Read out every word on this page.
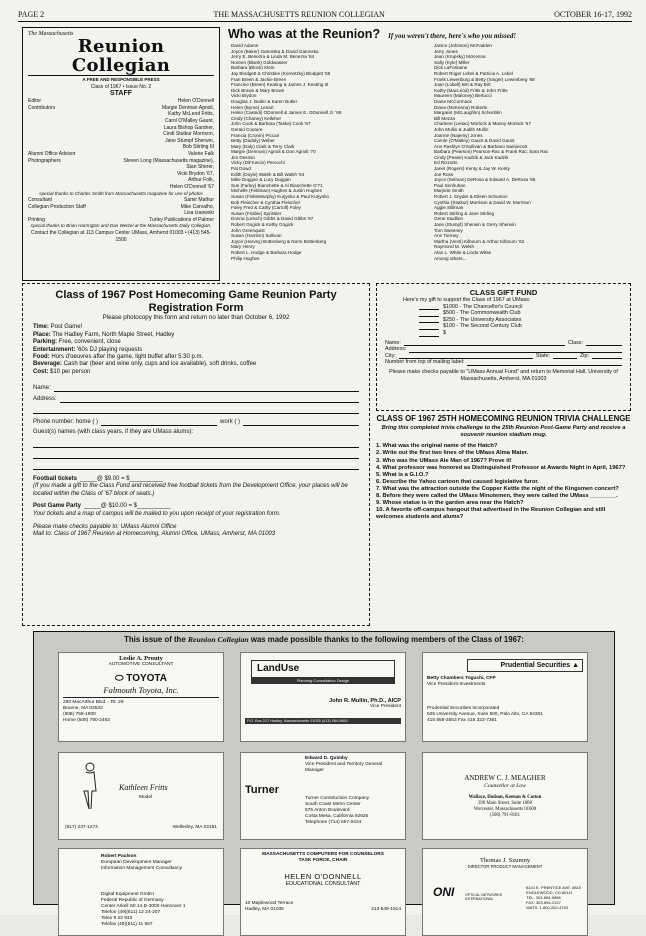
PAGE 2	THE MASSACHUSETTS REUNION COLLEGIAN	OCTOBER 16-17, 1992
The Massachusetts
Reunion Collegian
A FREE AND RESPONSIBLE PRESS
Class of 1967 • Issue No. 2
STAFF
Editor	Helen O'Donnell
Contributors	Margie Denman Agnoli,
Kathy McLeod Fritts,
Carol O'Malley Gaunt,
Laura Bishop Gardner,
Cindi Stutkur Morrison,
Jane Stumpf Sherwin,
Bob Stirling III
Alumni Office Advisor	Valerie Falk
Photographers	Steven Long (Massachusetts magazine),
Stan Sherer,
Vicki Brydon '67,
Arthur Folk,
Helen O'Donnell '67
special thanks to Charles Smith from Massachusetts magazine for use of photos
Consultant	Samir Mathur
Collegian Production Staff	Mike Carvalho,
Lisa Izaowski
Printing	Turley Publications of Palmer
special thanks to Brian Harrington and Dan Wetzel at the Massachusetts Daily Collegian.
Contact the Collegian at 113 Campus Center UMass, Amherst 01003 • (413) 545-1500
Who was at the Reunion? If you weren't there, here's who you missed!
David Adams
Joyce (Baker) Gatonska & David Gatonska
Jerry E. Benezra & Linda M. Benezra '64
Noreen (Blank) Goldwasser
Barbara (Block) Klein
Jay Blodgett & Christine (Kornetzky) Blodgett '69
Fran Breen & Jackie Breen
Francine (Breen) Keating & James J. Keating III
Dick Brown & Mary Brown
Vicki Brydon
Douglas J. Butler & Karen Butler
Helen (Byrne) Lenart
Helen (Cassidi) ODonnell & James E. ODonnell Jr. '66
Cindy (Chaney) Kelleher
John Cook & Barbara (Taska) Cook '67
Gerald Couture
Francia (Cronin) Piccari
Betty (Dadoly) Weber
Mary (Daly) Clark & Terry Clark
Margie (Denman) Agnoli & Don Agnoli '70
Jim Desmin
Vicky (DiFruscio) Perocchi
Pat Dowd
Edith (Doyle) Walsh & Bill Walsh '64
Mike Duggan & Lucy Duggan
Sue (Farley) Bianchette & Al Bianchette G'71
Michelle (Feldman) Hughes & Justin Hughes
Susan (FinkleMurphy) Kurjynko & Paul Kurjynko
Bob Fleischer & Cynthia Fleischer
Foley Fred & Cathy (Carroll) Foley
Susan (Frisbie) Sprissler
Donna (Leisch) Gibbs & David Gibbs '67
Robert Gogick & Kathy Gogick
John Greenquist
Susan (Hamlon) Sullivan
Joyce (Harvey) Bottenberg & Norm Bottenberg
Mary Henry
Robert L. Hodge & Barbara Hodge
Philip Hughes
Janice (Johnson) McFadden
Jerry Jones
Jean (Krupsky) McKenna
Sally (Kyle) Miller
Dick LaFontaine
Robert Roger Lebel & Patricia A. Lebel
Frank Lewenburg & Betty (Singer) Lewenberg '68
Joan (Lobell) Birt & Ray Birt
Kathy (MacLeod) Fritts & John Fritts
Maureen (Maloney) Bertucci
Diane McCormack
Diane (McKenna) Roberts
Margaret (McLaughlin) Schenblin
Bill Mezza
Charlene (Leitao) Morlock & Manny Morlock '67
John Mullin & Judith Mullin
Joanne (Najemy) Jones
Carole (O'Malley) Gaunt & David Gaunt
Ann Rashlyn O'Sullivan & Barbano Swiniecott
Barbara (Pearson) Pearson-Rac & Frank Rac; Sara Rac
Cindy (Pease) Kadzik & Jack Kadzik
Ed Rizzotto
Janet (Rogers) Kenty & Jay W. Kenty
Joe Ross
Joyce (Selman) DeRosa & Edward A. DeRosa '65
Paul Senhuhan
Marjorie Smith
Robert J. Snyder & Eileen Schumon
Cynthia (Stutkur) Morrison & David W. Morrison
Aggie Stillman
Robert Stirling & Jane Stirling
Gene Studlien
Jane (Stumpf) Sherwin & Gerry Sherwin
Tom Sweeney
Ann Tierney
Martha (Venti) Kilbourn & Arthur Kilbourn '62
Raymond M. Welsh
Alan L. White & Linda White
Among others...
Class of 1967 Post Homecoming Game Reunion Party Registration Form
Please photocopy this form and return no later than October 6, 1992
Time: Post Game!
Place: The Hadley Farm, North Maple Street, Hadley
Parking: Free, convenient, close
Entertainment: '60s DJ playing requests
Food: Hors d'oeuvres after the game, light buffet after 5:30 p.m.
Beverage: Cash bar (beer and wine only, cups and ice available), soft drinks, coffee
Cost: $10 per person
Name:
Address:
Phone number: home ( )	work ( )
Guest(s) names (with class years, if they are UMass alums):
Football tickets _____@ $9.00 = $__________
(If you made a gift to the Class Fund and received free football tickets from the Development Office, your places will be located within the Class of '67 block of seats.)
Post Game Party _____@ $10.00 = $__________
Your tickets and a map of campus will be mailed to you upon receipt of your registration form.
Please make checks payable to: UMass Alumni Office
Mail to: Class of 1967 Reunion at Homecoming, Alumni Office, UMass, Amherst, MA 01003
CLASS GIFT FUND
Here's my gift to support the Class of 1967 at UMass:
$1000 - The Chancellor's Council
$500 - The Commonwealth Club
$250 - The University Associates
$100 - The Second Century Club
$
Name:	Class:
Address:
City:	State:	Zip:
Number from top of mailing label:
Please make checks payable to "UMass Annual Fund" and return to Memorial Hall, University of Massachusetts, Amherst, MA 01003
CLASS OF 1967 25TH HOMECOMING REUNION TRIVIA CHALLENGE
Bring this completed trivia challenge to the 25th Reunion Post-Game Party and receive a souvenir reunion stadium mug.
1. What was the original name of the Hatch?
2. Write out the first two lines of the UMass Alma Mater.
3. Who was the UMass Ale Man of 1967? Prove it!
4. What professor was honored as Distinguished Professor at Awards Night in April, 1967?
5. What is a G.I.O.?
6. Describe the Yahoo cartoon that caused legislative furor.
7. What was the attraction outside the Copper Kettle the night of the Kingsmen concert?
8. Before they were called the UMass Minutemen, they were called the UMass ________.
9. Whose statue is in the garden area near the Hatch?
10. A favorite off-campus hangout that advertised in the Reunion Collegian and still welcomes students and alums?
This issue of the Reunion Collegian was made possible thanks to the following members of the Class of 1967:
Leslie A. Prouty
AUTOMOTIVE CONSULTANT
⬭ TOYOTA
Falmouth Toyota, Inc.
290 MacArthur Blvd. - Rt. 28
Bourne, MA 02532
(508) 759-1900
Home (508) 790-2463
LandUse
Planning Consultation Design
John R. Mullin, Ph.D., AICP
Vice President
P.O. Box 217 Hadley, Massachusetts 01035 (413) 584-9883
Prudential Securities ▲
Betty Chambers Toguchi, CFP
Vice President-Investments
Prudential Securities Incorporated
525 University Avenue, Suite 500, Palo Alto, CA 94301
415 858-3553 Fax 415 322-7381
Kathleen Fritts
Model
(617) 237-1274	Wellesley, MA 02181
Edward D. Quimby
Vice President and Territory General Manager
Turner
Turner Construction Company
South Coast Metro Center
575 Anton Boulevard
Costa Mesa, California 92626
Telephone (714) 557-0424
ANDREW C. J. MEAGHER
Counsellor at Law
Wallace, Dodson, Keenan & Cotton
390 Main Street, Suite 1000
Worcester, Massachusetts 01608
(508) 791-8181
Robert Paulson
European Development Manager
Information Management Consultancy
Digital Equipment GmbH
Federal Republic of Germany
Center Arkell Str.14,D-3000 Hannover 1
Telefon (49)(511) 12 24-207
Telex 9 22 933
Telefax (49)(511) 11 557
MASSACHUSETTS COMPUTERS FOR COUNSELORS
TASK FORCE, CHAIR
HELEN O'DONNELL
EDUCATIONAL CONSULTANT
10 Maplewood Terrace
Hadley, MA 01035	413-549-1914
Thomas J. Szumny
DIRECTOR PRODUCT MANAGEMENT
ONI	OPTICAL NETWORKS INTERNATIONAL
8101 E. PRENTICE AVE. #810
ENGLEWOOD, CO 80111
TEL: 303-694-9898
FAX: 303-694-2157
WATS: 1-800-262-4753
